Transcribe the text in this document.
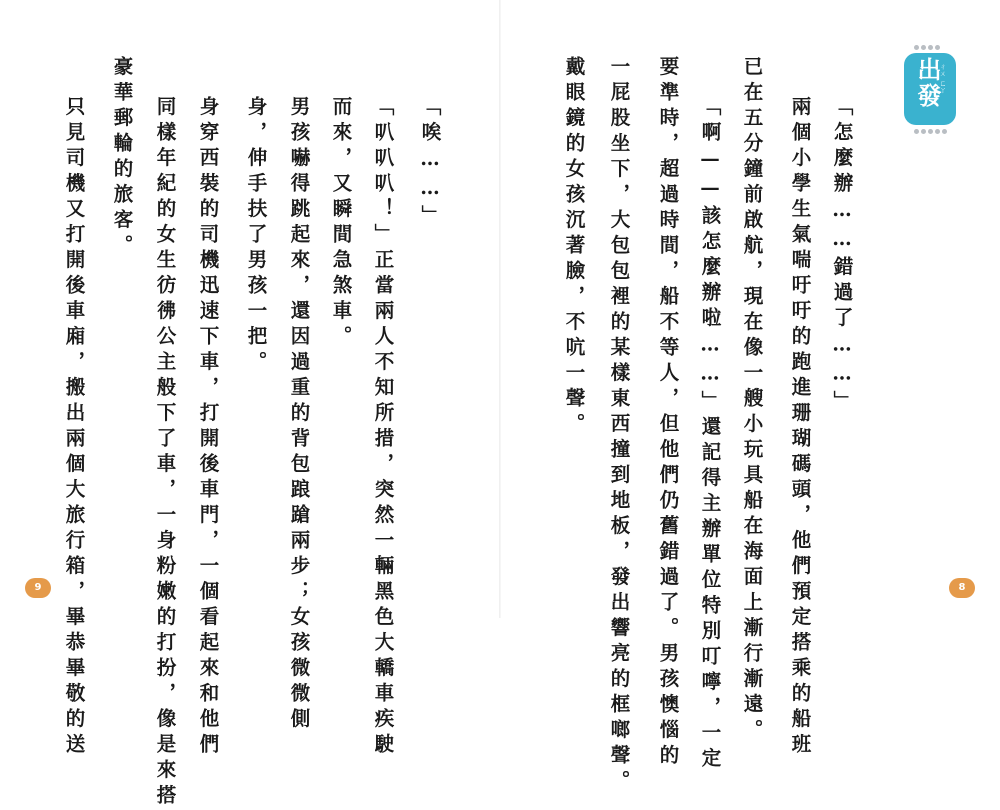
「唉……」
「叭叭叭！」正當兩人不知所措，突然一輛黑色大轎車疾駛
而來，又瞬間急煞車。
男孩嚇得跳起來，還因過重的背包踉蹌兩步；女孩微微側
身，伸手扶了男孩一把。
身穿西裝的司機迅速下車，打開後車門，一個看起來和他們
同樣年紀的女生彷彿公主般下了車，一身粉嫩的打扮，像是來搭
豪華郵輪的旅客。
只見司機又打開後車廂，搬出兩個大旅行箱，畢恭畢敬的送
9
「怎麼辦……錯過了……」
兩個小學生氣喘吁吁的跑進珊瑚碼頭，他們預定搭乘的船班
已在五分鐘前啟航，現在像一艘小玩具船在海面上漸行漸遠。
「啊——該怎麼辦啦……」還記得主辦單位特別叮嚀，一定
要準時，超過時間，船不等人，但他們仍舊錯過了。男孩懊惱的
一屁股坐下，大包包裡的某樣東西撞到地板，發出響亮的框啷聲。
戴眼鏡的女孩沉著臉，不吭一聲。
8
出發
ㄔㄨ ㄈㄚ
